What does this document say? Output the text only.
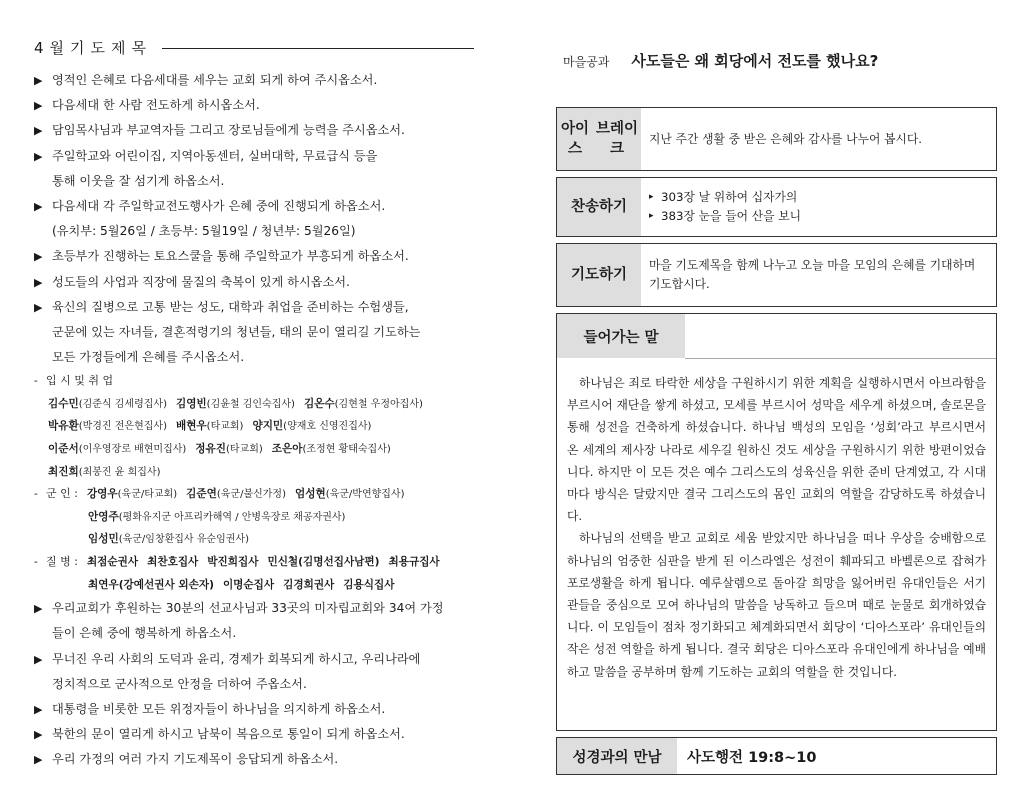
4월기도제목
▶ 영적인 은혜로 다음세대를 세우는 교회 되게 하여 주시옵소서.
▶ 다음세대 한 사람 전도하게 하시옵소서.
▶ 담임목사님과 부교역자들 그리고 장로님들에게 능력을 주시옵소서.
▶ 주일학교와 어린이집, 지역아동센터, 실버대학, 무료급식 등을
통해 이웃을 잘 섬기게 하옵소서.
▶ 다음세대 각 주일학교전도행사가 은혜 중에 진행되게 하옵소서.
(유치부: 5월26일 / 초등부: 5월19일 / 청년부: 5월26일)
▶ 초등부가 진행하는 토요스쿨을 통해 주일학교가 부흥되게 하옵소서.
▶ 성도들의 사업과 직장에 물질의 축복이 있게 하시옵소서.
▶ 육신의 질병으로 고통 받는 성도, 대학과 취업을 준비하는 수험생들,
군문에 있는 자녀들, 결혼적령기의 청년들, 태의 문이 열리길 기도하는
모든 가정들에게 은혜를 주시옵소서.
- 입 시 및 취 업
김수민(김준식 김세령집사) 김영빈(김윤철 김인숙집사) 김온수(김현철 우정아집사)
박유환(박경진 전은현집사) 배현우(타교회) 양지민(양재호 신영진집사)
이준서(이우영장로 배현미집사) 정유진(타교회) 조은아(조정현 황태숙집사)
최진희(최봉진 윤 희집사)
- 군 인 : 강영우(육군/타교회) 김준연(육군/불신가정) 엄성현(육군/박연향집사)
안영주(평화유지군 아프리카해역 / 안병욱장로 채공자권사)
임성민(육군/임창환집사 유순임권사)
- 질 병 : 최점순권사 최찬호집사 박진희집사 민신철(김명선집사남편) 최용규집사
최연우(강예선권사 외손자) 이명순집사 김경희권사 김용식집사
▶ 우리교회가 후원하는 30분의 선교사님과 33곳의 미자립교회와 34여 가정
들이 은혜 중에 행복하게 하옵소서.
▶ 무너진 우리 사회의 도덕과 윤리, 경제가 회복되게 하시고, 우리나라에
정치적으로 군사적으로 안정을 더하여 주옵소서.
▶ 대통령을 비롯한 모든 위정자들이 하나님을 의지하게 하옵소서.
▶ 북한의 문이 열리게 하시고 남북이 복음으로 통일이 되게 하옵소서.
▶ 우리 가정의 여러 가지 기도제목이 응답되게 하옵소서.
마을공과 사도들은 왜 회당에서 전도를 했나요?
아이스
브레이크
지난 주간 생활 중 받은 은혜와 감사를 나누어 봅시다.
찬송하기
▸ 303장 날 위하여 십자가의
▸ 383장 눈을 들어 산을 보니
기도하기
마을 기도제목을 함께 나누고 오늘 마을 모임의 은혜를 기대하며 기도합시다.
들어가는 말

하나님은 죄로 타락한 세상을 구원하시기 위한 계획을 실행하시면서 아브라함을 부르시어 재단을 쌓게 하셨고, 모세를 부르시어 성막을 세우게 하셨으며, 솔로몬을 통해 성전을 건축하게 하셨습니다. 하나님 백성의 모임을 ‘성회’라고 부르시면서 온 세계의 제사장 나라로 세우길 원하신 것도 세상을 구원하시기 위한 방편이었습니다. 하지만 이 모든 것은 예수 그리스도의 성육신을 위한 준비 단계였고, 각 시대마다 방식은 달랐지만 결국 그리스도의 몸인 교회의 역할을 감당하도록 하셨습니다.

하나님의 선택을 받고 교회로 세움 받았지만 하나님을 떠나 우상을 숭배함으로 하나님의 엄중한 심판을 받게 된 이스라엘은 성전이 훼파되고 바벨론으로 잡혀가 포로생활을 하게 됩니다. 예루살렘으로 돌아갈 희망을 잃어버린 유대인들은 서기관들을 중심으로 모여 하나님의 말씀을 낭독하고 들으며 때로 눈물로 회개하였습니다. 이 모임들이 점차 정기화되고 체계화되면서 회당이 ‘디아스포라’ 유대인들의 작은 성전 역할을 하게 됩니다. 결국 회당은 디아스포라 유대인에게 하나님을 예배하고 말씀을 공부하며 함께 기도하는 교회의 역할을 한 것입니다.

성경과의 만남	사도행전 19:8~10
